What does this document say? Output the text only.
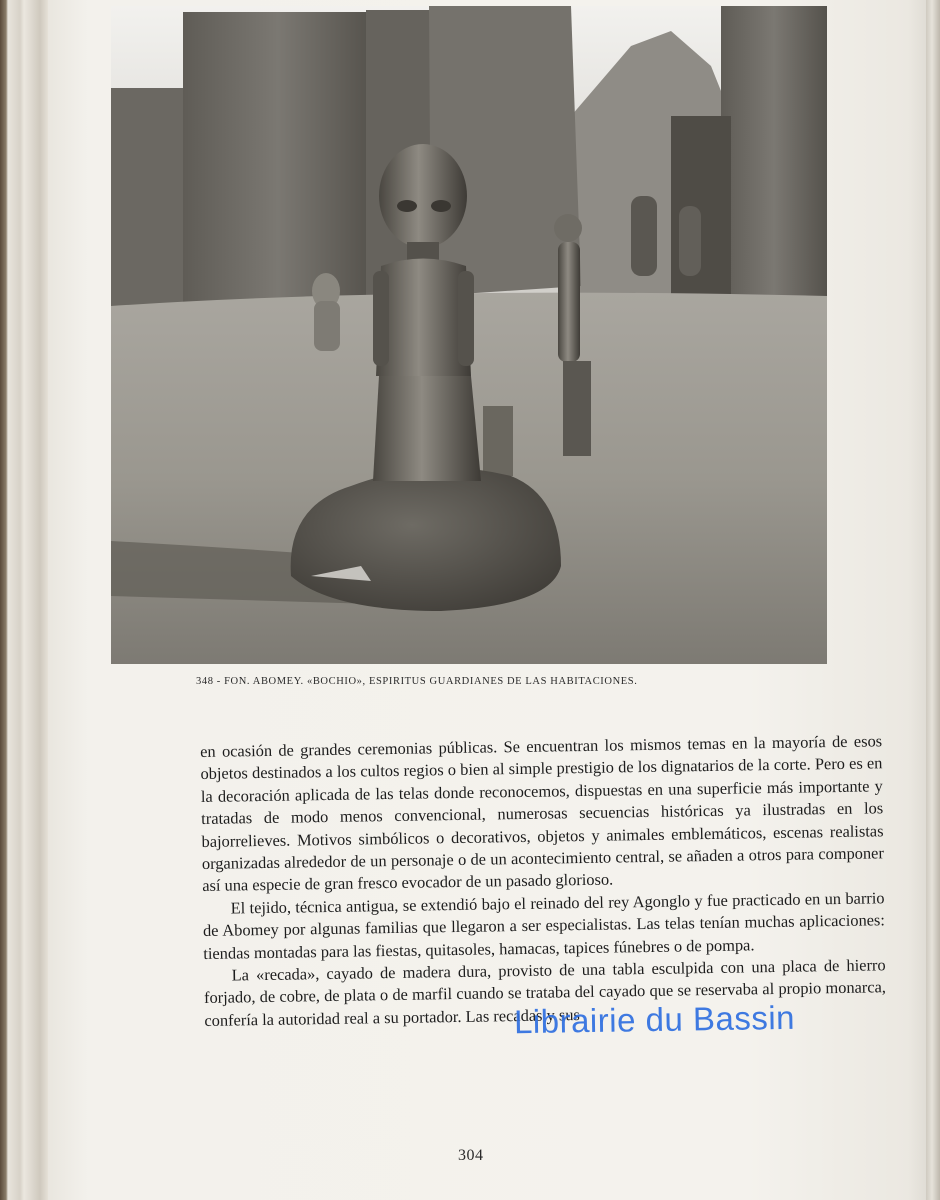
348 - FON. ABOMEY. «BOCHIO», ESPIRITUS GUARDIANES DE LAS HABITACIONES.

en ocasión de grandes ceremonias públicas. Se encuentran los mismos temas en la mayoría de esos objetos destinados a los cultos regios o bien al simple prestigio de los dignatarios de la corte. Pero es en la decoración aplicada de las telas donde reconocemos, dispuestas en una superficie más importante y tratadas de modo menos convencional, numerosas secuencias históricas ya ilustradas en los bajorrelieves. Motivos simbólicos o decorativos, objetos y animales emblemáticos, escenas realistas organizadas alrededor de un personaje o de un acontecimiento central, se añaden a otros para componer así una especie de gran fresco evocador de un pasado glorioso.

El tejido, técnica antigua, se extendió bajo el reinado del rey Agonglo y fue practicado en un barrio de Abomey por algunas familias que llegaron a ser especialistas. Las telas tenían muchas aplicaciones: tiendas montadas para las fiestas, quitasoles, hamacas, tapices fúnebres o de pompa.

La «recada», cayado de madera dura, provisto de una tabla esculpida con una placa de hierro forjado, de cobre, de plata o de marfil cuando se trataba del cayado que se reservaba al propio monarca, confería la autoridad real a su portador. Las recadas y sus

Librairie du Bassin
304
